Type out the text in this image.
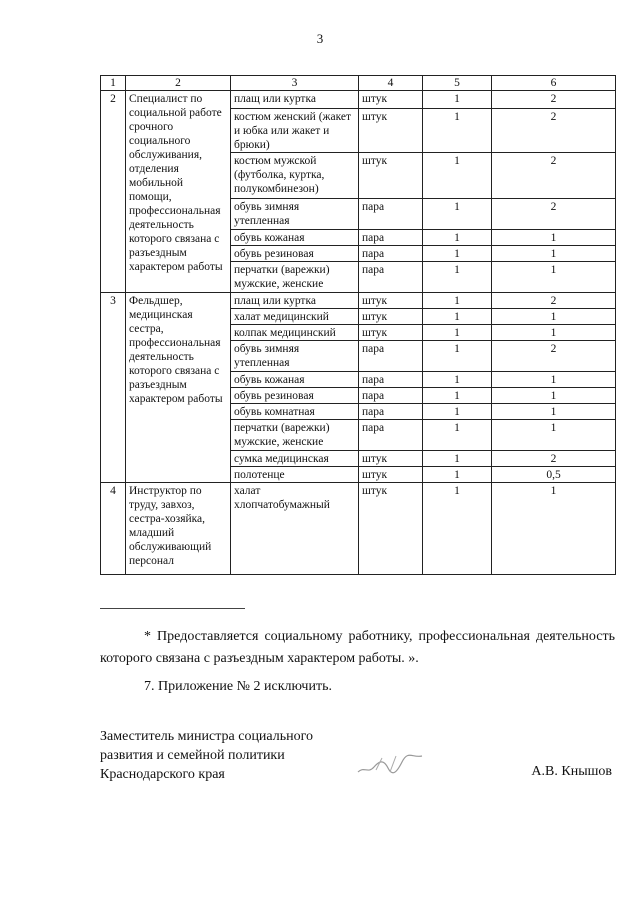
3
1	2	3	4	5	6
2	Специалист по социальной работе срочного социального обслуживания, отделения мобильной помощи, профессиональная деятельность которого связана с разъездным характером работы	плащ или куртка	штук	1	2
		костюм женский (жакет и юбка или жакет и брюки)	штук	1	2
		костюм мужской (футболка, куртка, полукомбинезон)	штук	1	2
		обувь зимняя утепленная	пара	1	2
		обувь кожаная	пара	1	1
		обувь резиновая	пара	1	1
		перчатки (варежки) мужские, женские	пара	1	1
3	Фельдшер, медицинская сестра, профессиональная деятельность которого связана с разъездным характером работы	плащ или куртка	штук	1	2
		халат медицинский	штук	1	1
		колпак медицинский	штук	1	1
		обувь зимняя утепленная	пара	1	2
		обувь кожаная	пара	1	1
		обувь резиновая	пара	1	1
		обувь комнатная	пара	1	1
		перчатки (варежки) мужские, женские	пара	1	1
		сумка медицинская	штук	1	2
		полотенце	штук	1	0,5
4	Инструктор по труду, завхоз, сестра-хозяйка, младший обслуживающий персонал	халат хлопчатобумажный	штук	1	1
* Предоставляется социальному работнику, профессиональная деятельность которого связана с разъездным характером работы. ».
7. Приложение № 2 исключить.
Заместитель министра социального
развития и семейной политики
Краснодарского края	А.В. Кнышов
